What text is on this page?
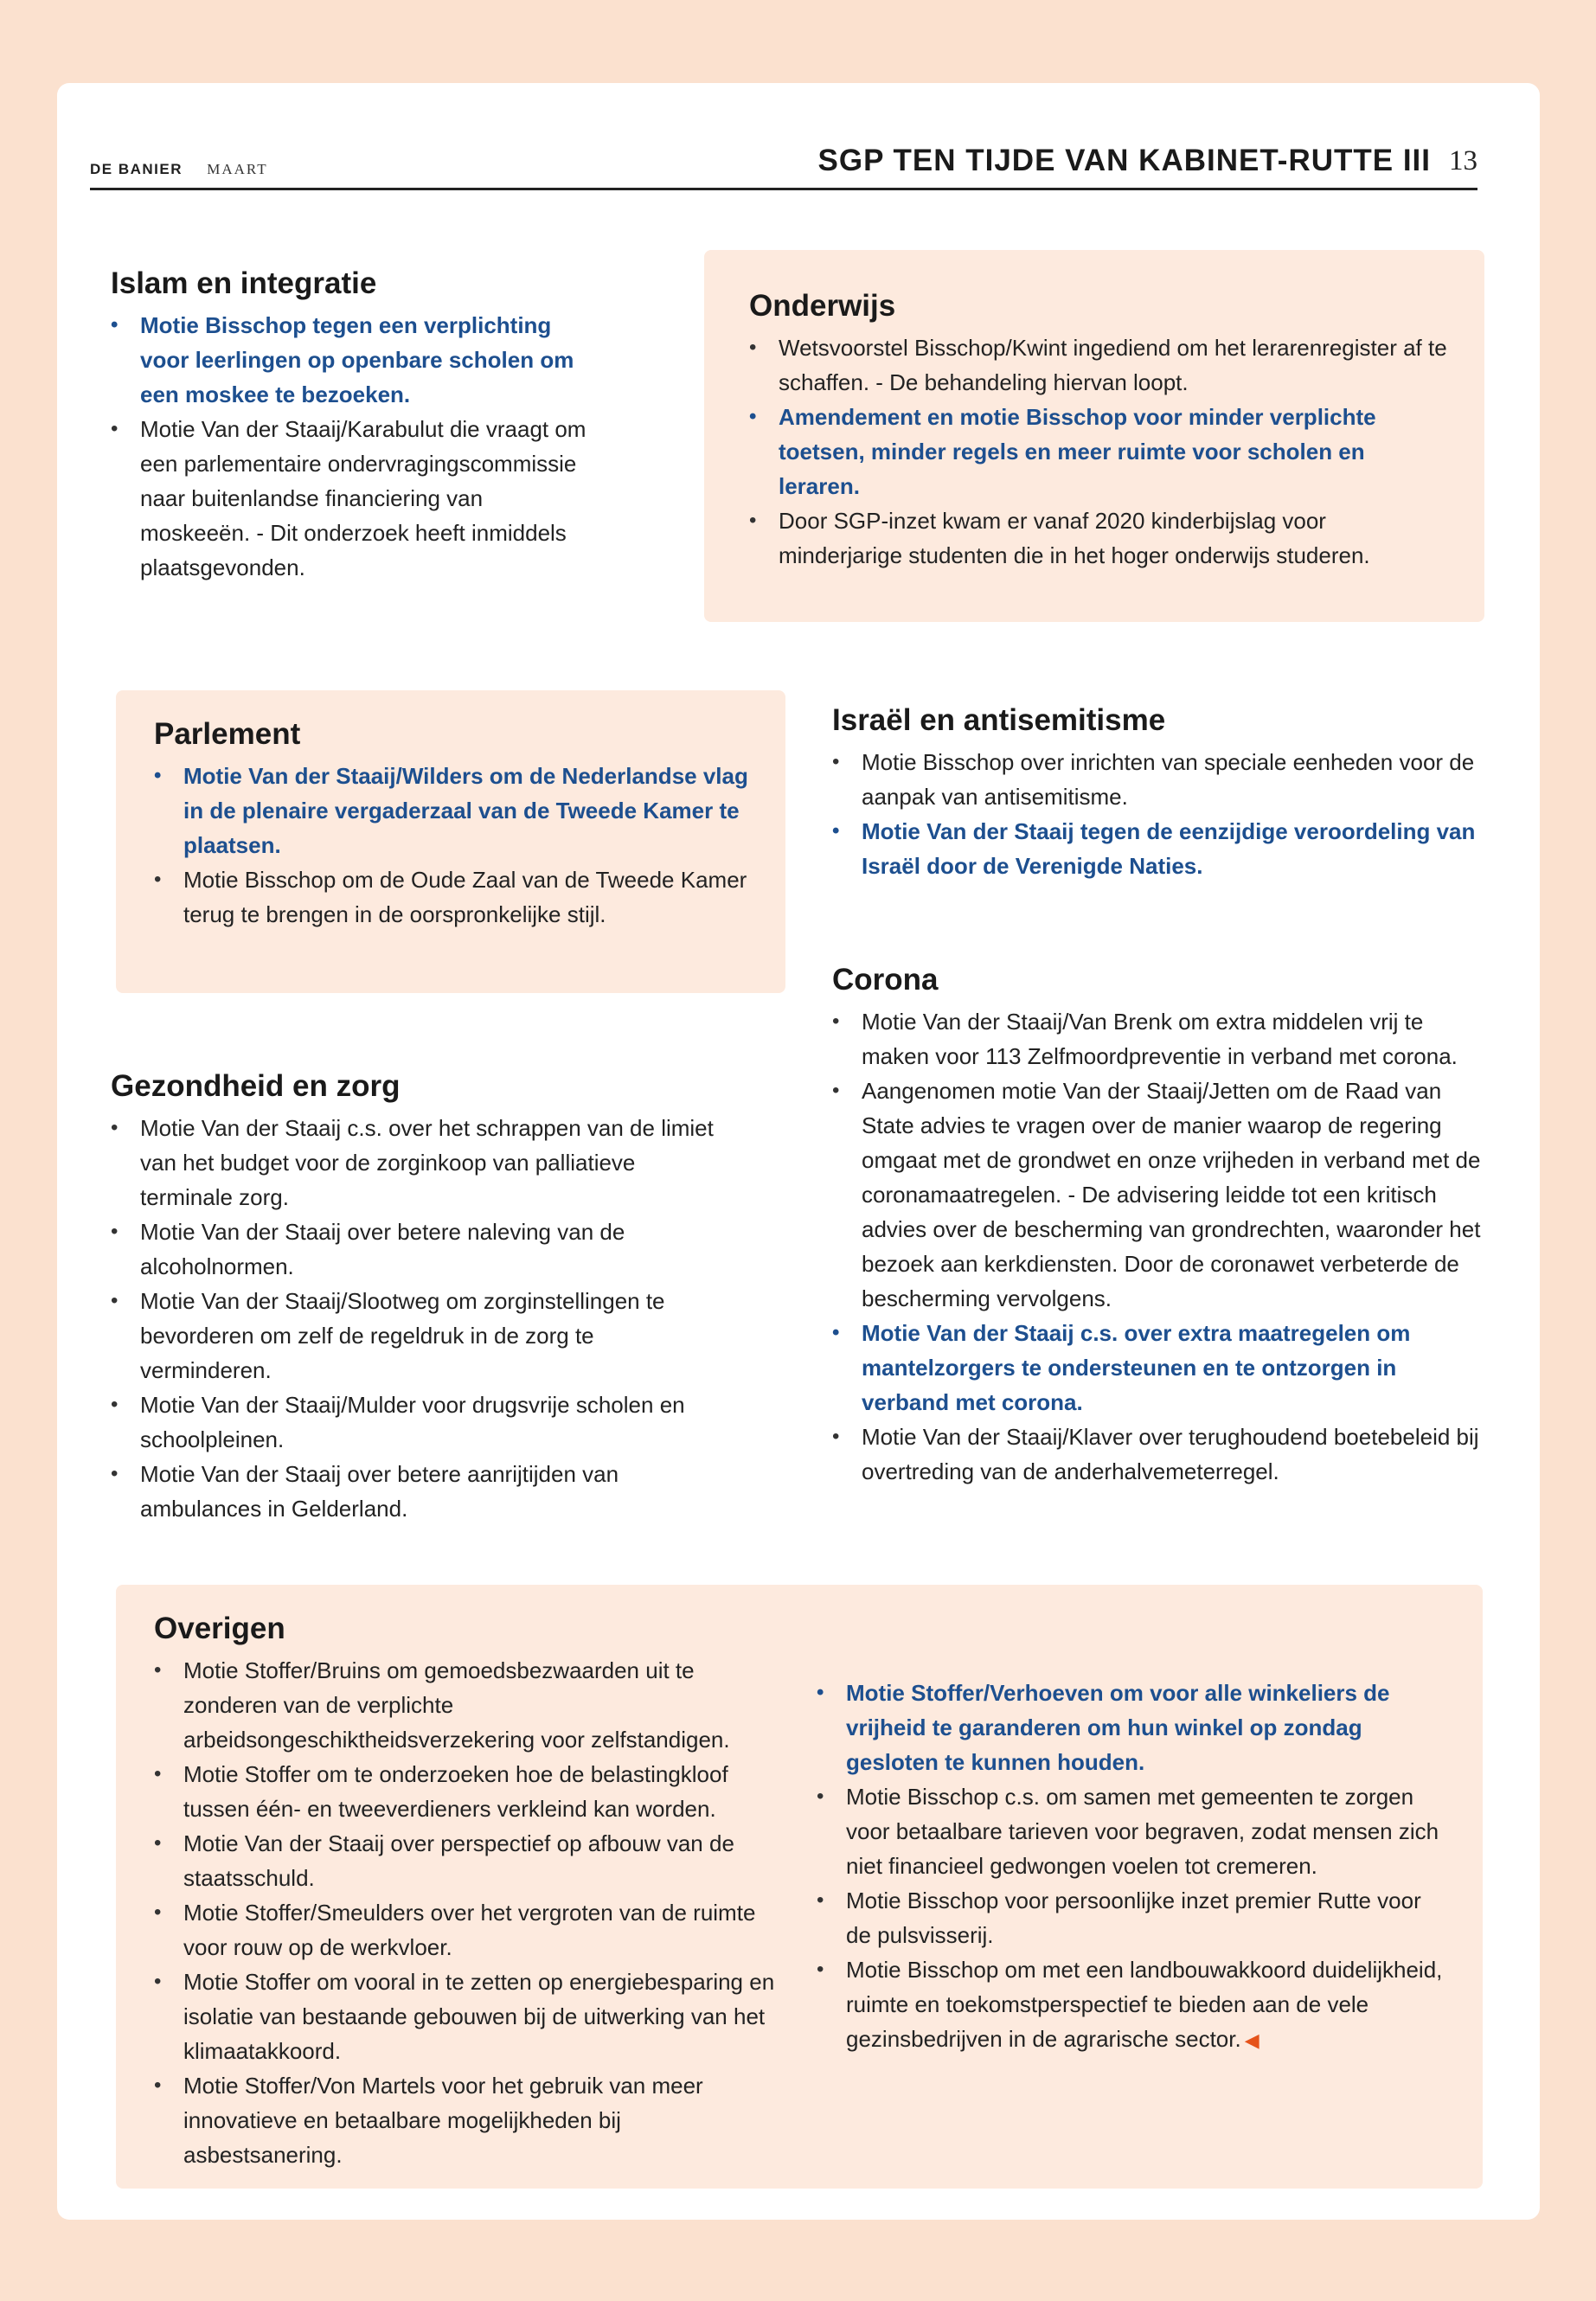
DE BANIER MAART	SGP TEN TIJDE VAN KABINET-RUTTE III 13
Islam en integratie
• Motie Bisschop tegen een verplichting voor leerlingen op openbare scholen om een moskee te bezoeken.
• Motie Van der Staaij/Karabulut die vraagt om een parlementaire ondervragingscommissie naar buitenlandse financiering van moskeeën. - Dit onderzoek heeft inmiddels plaatsgevonden.
Onderwijs
• Wetsvoorstel Bisschop/Kwint ingediend om het lerarenregister af te schaffen. - De behandeling hiervan loopt.
• Amendement en motie Bisschop voor minder verplichte toetsen, minder regels en meer ruimte voor scholen en leraren.
• Door SGP-inzet kwam er vanaf 2020 kinderbijslag voor minderjarige studenten die in het hoger onderwijs studeren.
Parlement
• Motie Van der Staaij/Wilders om de Nederlandse vlag in de plenaire vergaderzaal van de Tweede Kamer te plaatsen.
• Motie Bisschop om de Oude Zaal van de Tweede Kamer terug te brengen in de oorspronkelijke stijl.
Israël en antisemitisme
• Motie Bisschop over inrichten van speciale eenheden voor de aanpak van antisemitisme.
• Motie Van der Staaij tegen de eenzijdige veroordeling van Israël door de Verenigde Naties.
Corona
• Motie Van der Staaij/Van Brenk om extra middelen vrij te maken voor 113 Zelfmoordpreventie in verband met corona.
• Aangenomen motie Van der Staaij/Jetten om de Raad van State advies te vragen over de manier waarop de regering omgaat met de grondwet en onze vrijheden in verband met de coronamaatregelen. - De advisering leidde tot een kritisch advies over de bescherming van grondrechten, waaronder het bezoek aan kerkdiensten. Door de coronawet verbeterde de bescherming vervolgens.
• Motie Van der Staaij c.s. over extra maatregelen om mantelzorgers te ondersteunen en te ontzorgen in verband met corona.
• Motie Van der Staaij/Klaver over terughoudend boetebeleid bij overtreding van de anderhalvemeterregel.
Gezondheid en zorg
• Motie Van der Staaij c.s. over het schrappen van de limiet van het budget voor de zorginkoop van palliatieve terminale zorg.
• Motie Van der Staaij over betere naleving van de alcoholnormen.
• Motie Van der Staaij/Slootweg om zorginstellingen te bevorderen om zelf de regeldruk in de zorg te verminderen.
• Motie Van der Staaij/Mulder voor drugsvrije scholen en schoolpleinen.
• Motie Van der Staaij over betere aanrijtijden van ambulances in Gelderland.
Overigen
• Motie Stoffer/Bruins om gemoedsbezwaarden uit te zonderen van de verplichte arbeidsongeschiktheidsverzekering voor zelfstandigen.
• Motie Stoffer om te onderzoeken hoe de belastingkloof tussen één- en tweeverdieners verkleind kan worden.
• Motie Van der Staaij over perspectief op afbouw van de staatsschuld.
• Motie Stoffer/Smeulders over het vergroten van de ruimte voor rouw op de werkvloer.
• Motie Stoffer om vooral in te zetten op energiebesparing en isolatie van bestaande gebouwen bij de uitwerking van het klimaatakkoord.
• Motie Stoffer/Von Martels voor het gebruik van meer innovatieve en betaalbare mogelijkheden bij asbestsanering.
• Motie Stoffer/Verhoeven om voor alle winkeliers de vrijheid te garanderen om hun winkel op zondag gesloten te kunnen houden.
• Motie Bisschop c.s. om samen met gemeenten te zorgen voor betaalbare tarieven voor begraven, zodat mensen zich niet financieel gedwongen voelen tot cremeren.
• Motie Bisschop voor persoonlijke inzet premier Rutte voor de pulsvisserij.
• Motie Bisschop om met een landbouwakkoord duidelijkheid, ruimte en toekomstperspectief te bieden aan de vele gezinsbedrijven in de agrarische sector. ◀
